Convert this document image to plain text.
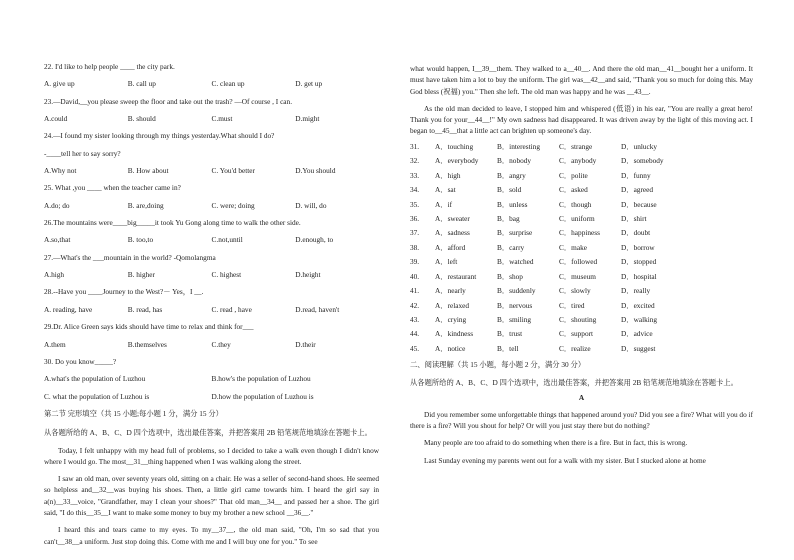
22. I'd like to help people ____ the city park.
A. give up	B. call up	C. clean up	D. get up
23.—David,__you please sweep the floor and take out the trash? —Of course , I can.
A.could	B. should	C.must	D.might
24.—I found my sister looking through my things yesterday.What should I do?
-____tell her to say sorry?
A.Why not	B. How about	C. You'd better	D.You should
25. What ,you ____ when the teacher came in?
A.do; do	B. are,doing	C. were; doing	D. will, do
26.The mountains were____big_____it took Yu Gong along time to walk the other side.
A.so,that	B. too,to	C.not,until	D.enough, to
27.—What's the ___mountain in the world? -Qomolangma
A.high	B. higher	C. highest	D.height
28.--Have you ____Journey to the West?－ Yes，I __.
A. reading, have	B. read, has	C. read , have	D.read, haven't
29.Dr. Alice Green says kids should have time to relax and think for___
A.them	B.themselves	C.they	D.their
30. Do you know_____?
A.what's the population of Luzhou	B.how's the population of Luzhou
C. what the population of Luzhou is	D.how the population of Luzhou is
第二节 完形填空（共 15 小题;每小题 1 分，满分 15 分）
从各题所给的 A、B、C、D 四个选项中，选出最佳答案，并把答案用 2B 铅笔规范地填涂在答题卡上。
Today, I felt unhappy with my head full of problems, so I decided to take a walk even though I didn't know where I would go. The most__31__thing happened when I was walking along the street.
I saw an old man, over seventy years old, sitting on a chair. He was a seller of second-hand shoes. He seemed so helpless and__32__was buying his shoes. Then, a little girl came towards him. I heard the girl say in a(n)__33__voice, "Grandfather, may I clean your shoes?" That old man__34__ and passed her a shoe. The girl said, "I do this__35__I want to make some money to buy my brother a new school __36__."
I heard this and tears came to my eyes. To my__37__, the old man said, "Oh, I'm so sad that you can't__38__a uniform. Just stop doing this. Come with me and I will buy one for you." To see
what would happen, I__39__them. They walked to a__40__. And there the old man__41__bought her a uniform. It must have taken him a lot to buy the uniform. The girl was__42__and said, "Thank you so much for doing this. May God bless (祝福) you." Then she left. The old man was happy and he was __43__.
As the old man decided to leave, I stopped him and whispered (低语) in his ear, "You are really a great hero! Thank you for your__44__!" My own sadness had disappeared. It was driven away by the light of this moving act. I began to__45__that a little act can brighten up someone's day.
31.	A．touching	B．interesting	C．strange	D．unlucky
32.	A．everybody	B．nobody	C．anybody	D．somebody
33.	A．high	B．angry	C．polite	D．funny
34.	A．sat	B．sold	C．asked	D．agreed
35.	A．if	B．unless	C．though	D．because
36.	A．sweater	B．bag	C．uniform	D．shirt
37.	A．sadness	B．surprise	C．happiness	D．doubt
38.	A．afford	B．carry	C．make	D．borrow
39.	A．left	B．watched	C．followed	D．stopped
40.	A．restaurant	B．shop	C．museum	D．hospital
41.	A．nearly	B．suddenly	C．slowly	D．really
42.	A．relaxed	B．nervous	C．tired	D．excited
43.	A．crying	B．smiling	C．shouting	D．walking
44.	A．kindness	B．trust	C．support	D．advice
45.	A．notice	B．tell	C．realize	D．suggest
二、阅读理解（共 15 小题，每小题 2 分，满分 30 分）
从各题所给的 A、B、C、D 四个选项中，选出最佳答案，并把答案用 2B 铅笔规范地填涂在答题卡上。
A
Did you remember some unforgettable things that happened around you? Did you see a fire? What will you do if there is a fire? Will you shout for help? Or will you just stay there but do nothing?
Many people are too afraid to do something when there is a fire. But in fact, this is wrong.
Last Sunday evening my parents went out for a walk with my sister. But I stucked alone at home
